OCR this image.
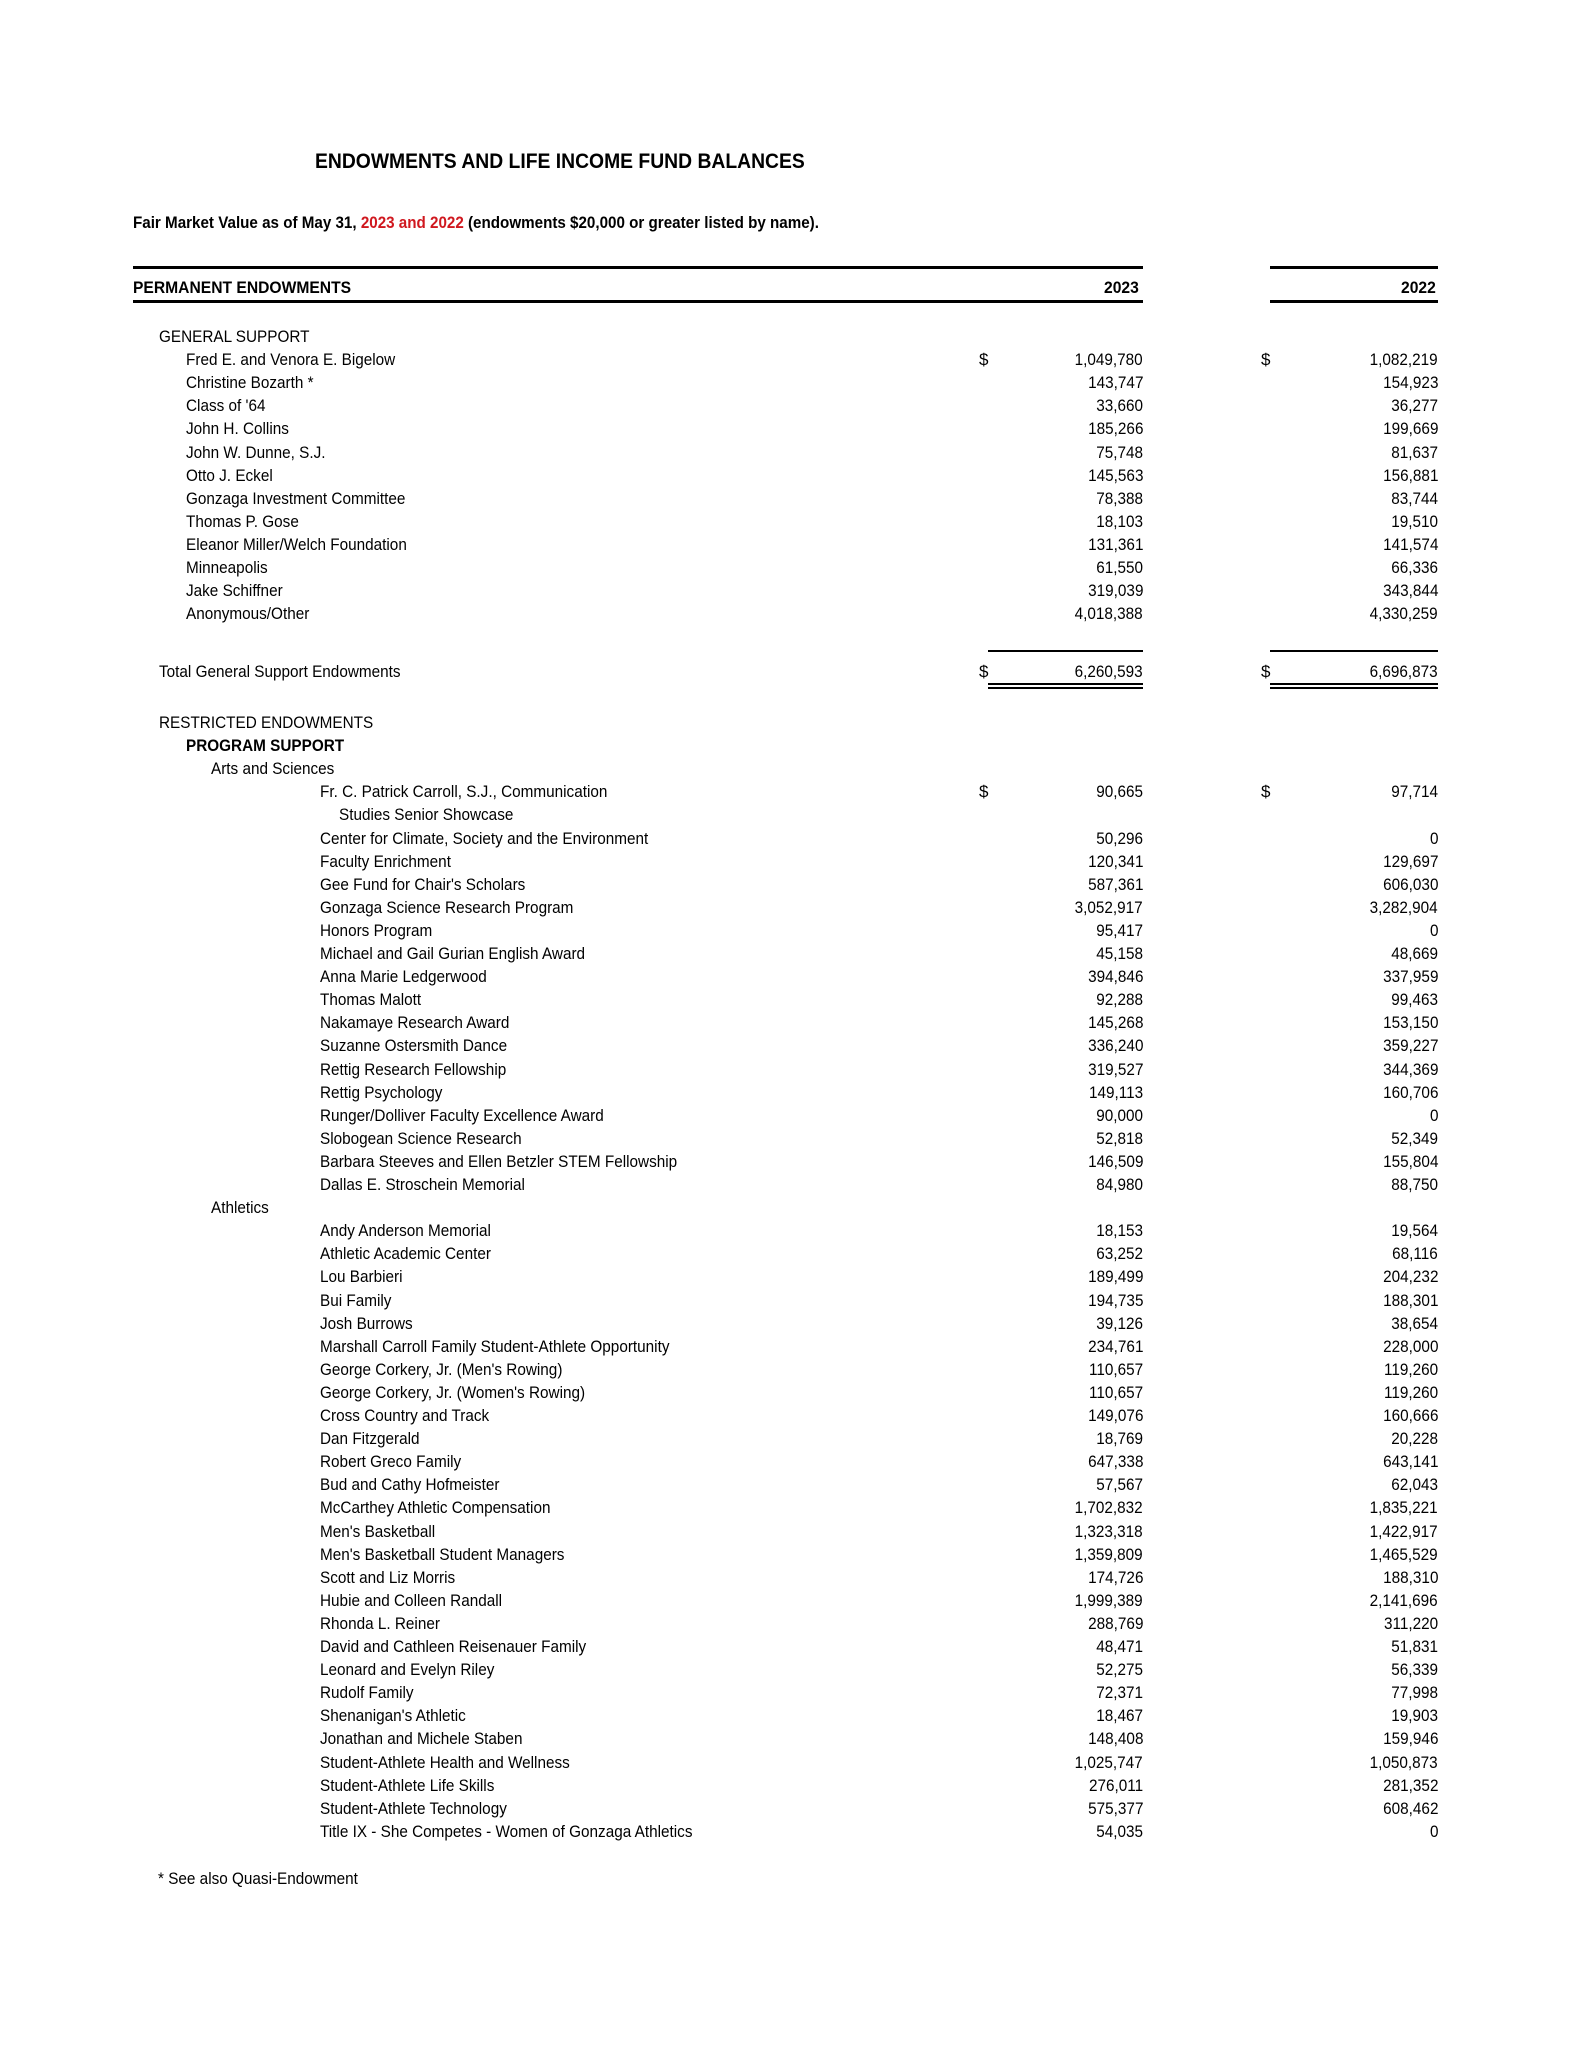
ENDOWMENTS AND LIFE INCOME FUND BALANCES
Fair Market Value as of May 31, 2023 and 2022 (endowments $20,000 or greater listed by name).
PERMANENT ENDOWMENTS	2023	2022
GENERAL SUPPORT
Fred E. and Venora E. Bigelow	1,049,780	1,082,219
$	$
Christine Bozarth *	143,747	154,923
Class of '64	33,660	36,277
John H. Collins	185,266	199,669
John W. Dunne, S.J.	75,748	81,637
Otto J. Eckel	145,563	156,881
Gonzaga Investment Committee	78,388	83,744
Thomas P. Gose	18,103	19,510
Eleanor Miller/Welch Foundation	131,361	141,574
Minneapolis	61,550	66,336
Jake Schiffner	319,039	343,844
Anonymous/Other	4,018,388	4,330,259
Total General Support Endowments	6,260,593	6,696,873
$	$
RESTRICTED ENDOWMENTS
PROGRAM SUPPORT
Arts and Sciences
Fr. C. Patrick Carroll, S.J., Communication	90,665	97,714
$	$
Studies Senior Showcase
Center for Climate, Society and the Environment	50,296	0
Faculty Enrichment	120,341	129,697
Gee Fund for Chair's Scholars	587,361	606,030
Gonzaga Science Research Program	3,052,917	3,282,904
Honors Program	95,417	0
Michael and Gail Gurian English Award	45,158	48,669
Anna Marie Ledgerwood	394,846	337,959
Thomas Malott	92,288	99,463
Nakamaye Research Award	145,268	153,150
Suzanne Ostersmith Dance	336,240	359,227
Rettig Research Fellowship	319,527	344,369
Rettig Psychology	149,113	160,706
Runger/Dolliver Faculty Excellence Award	90,000	0
Slobogean Science Research	52,818	52,349
Barbara Steeves and Ellen Betzler STEM Fellowship	146,509	155,804
Dallas E. Stroschein Memorial	84,980	88,750
Athletics
Andy Anderson Memorial	18,153	19,564
Athletic Academic Center	63,252	68,116
Lou Barbieri	189,499	204,232
Bui Family	194,735	188,301
Josh Burrows	39,126	38,654
Marshall Carroll Family Student-Athlete Opportunity	234,761	228,000
George Corkery, Jr. (Men's Rowing)	110,657	119,260
George Corkery, Jr. (Women's Rowing)	110,657	119,260
Cross Country and Track	149,076	160,666
Dan Fitzgerald	18,769	20,228
Robert Greco Family	647,338	643,141
Bud and Cathy Hofmeister	57,567	62,043
McCarthey Athletic Compensation	1,702,832	1,835,221
Men's Basketball	1,323,318	1,422,917
Men's Basketball Student Managers	1,359,809	1,465,529
Scott and Liz Morris	174,726	188,310
Hubie and Colleen Randall	1,999,389	2,141,696
Rhonda L. Reiner	288,769	311,220
David and Cathleen Reisenauer Family	48,471	51,831
Leonard and Evelyn Riley	52,275	56,339
Rudolf Family	72,371	77,998
Shenanigan's Athletic	18,467	19,903
Jonathan and Michele Staben	148,408	159,946
Student-Athlete Health and Wellness	1,025,747	1,050,873
Student-Athlete Life Skills	276,011	281,352
Student-Athlete Technology	575,377	608,462
Title IX - She Competes - Women of Gonzaga Athletics	54,035	0
* See also Quasi-Endowment
